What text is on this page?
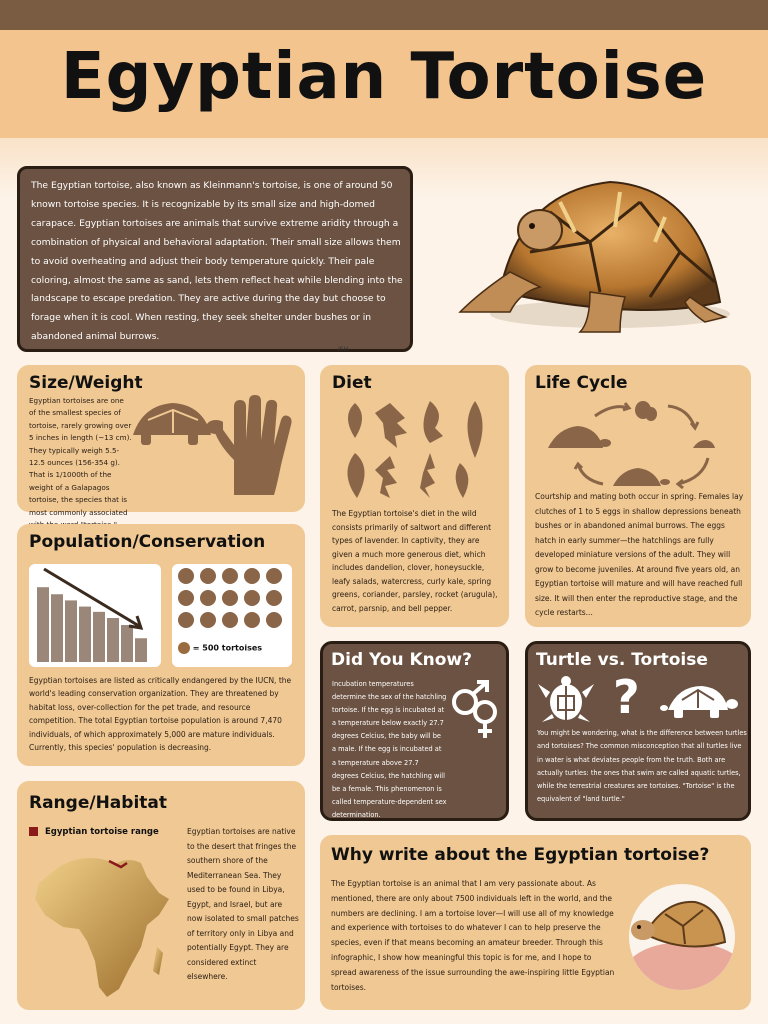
Egyptian Tortoise
The Egyptian tortoise, also known as Kleinmann's tortoise, is one of around 50 known tortoise species. It is recognizable by its small size and high-domed carapace. Egyptian tortoises are animals that survive extreme aridity through a combination of physical and behavioral adaptation. Their small size allows them to avoid overheating and adjust their body temperature quickly. Their pale coloring, almost the same as sand, lets them reflect heat while blending into the landscape to escape predation. They are active during the day but choose to forage when it is cool. When resting, they seek shelter under bushes or in abandoned animal burrows.
ISH
Size/Weight
Egyptian tortoises are one of the smallest species of tortoise, rarely growing over 5 inches in length (~13 cm). They typically weigh 5.5-12.5 ounces (156-354 g). That is 1/1000th of the weight of a Galapagos tortoise, the species that is most commonly associated
Diet
The Egyptian tortoise's diet in the wild consists primarily of saltwort and different types of lavender. In captivity, they are given a much more generous diet, which includes dandelion, clover, honeysuckle, leafy salads, watercress, curly kale, spring greens, coriander, parsley, rocket (arugula), carrot, parsnip, and bell pepper.
Life Cycle
Courtship and mating both occur in spring. Females lay clutches of 1 to 5 eggs in shallow depressions beneath bushes or in abandoned animal burrows. The eggs hatch in early summer—the hatchlings are fully developed miniature versions of the adult. They will grow to become juveniles. At around five years old, an Egyptian tortoise will mature and will have reached full size. It will then enter the reproductive stage, and the cycle restarts...
Population/Conservation
= 500 tortoises
Egyptian tortoises are listed as critically endangered by the IUCN, the world's leading conservation organization. They are threatened by habitat loss, over-collection for the pet trade, and resource competition. The total Egyptian tortoise population is around 7,470 individuals, of which approximately 5,000 are mature individuals. Currently, this species' population is decreasing.
Did You Know?
Incubation temperatures determine the sex of the hatchling tortoise. If the egg is incubated at a temperature below exactly 27.7 degrees Celcius, the baby will be a male. If the egg is incubated at a temperature above 27.7 degrees Celcius, the hatchling will be a female. This phenomenon is called temperature-dependent sex determination.
Turtle vs. Tortoise
?
You might be wondering, what is the difference between turtles and tortoises? The common misconception that all turtles live in water is what deviates people from the truth. Both are actually turtles: the ones that swim are called aquatic turtles, while the terrestrial creatures are tortoises. "Tortoise" is the equivalent of "land turtle."
Range/Habitat
Egyptian tortoise range	Egyptian tortoises are native to the desert that fringes the southern shore of the Mediterranean Sea. They used to be found in Libya, Egypt, and Israel, but are now isolated to small patches of territory only in Libya and potentially Egypt. They are considered extinct elsewhere.
Why write about the Egyptian tortoise?
The Egyptian tortoise is an animal that I am very passionate about. As mentioned, there are only about 7500 individuals left in the world, and the numbers are declining. I am a tortoise lover—I will use all of my knowledge and experience with tortoises to do whatever I can to help preserve the species, even if that means becoming an amateur breeder. Through this infographic, I show how meaningful this topic is for me, and I hope to spread awareness of the issue surrounding the awe-inspiring little Egyptian tortoises.
